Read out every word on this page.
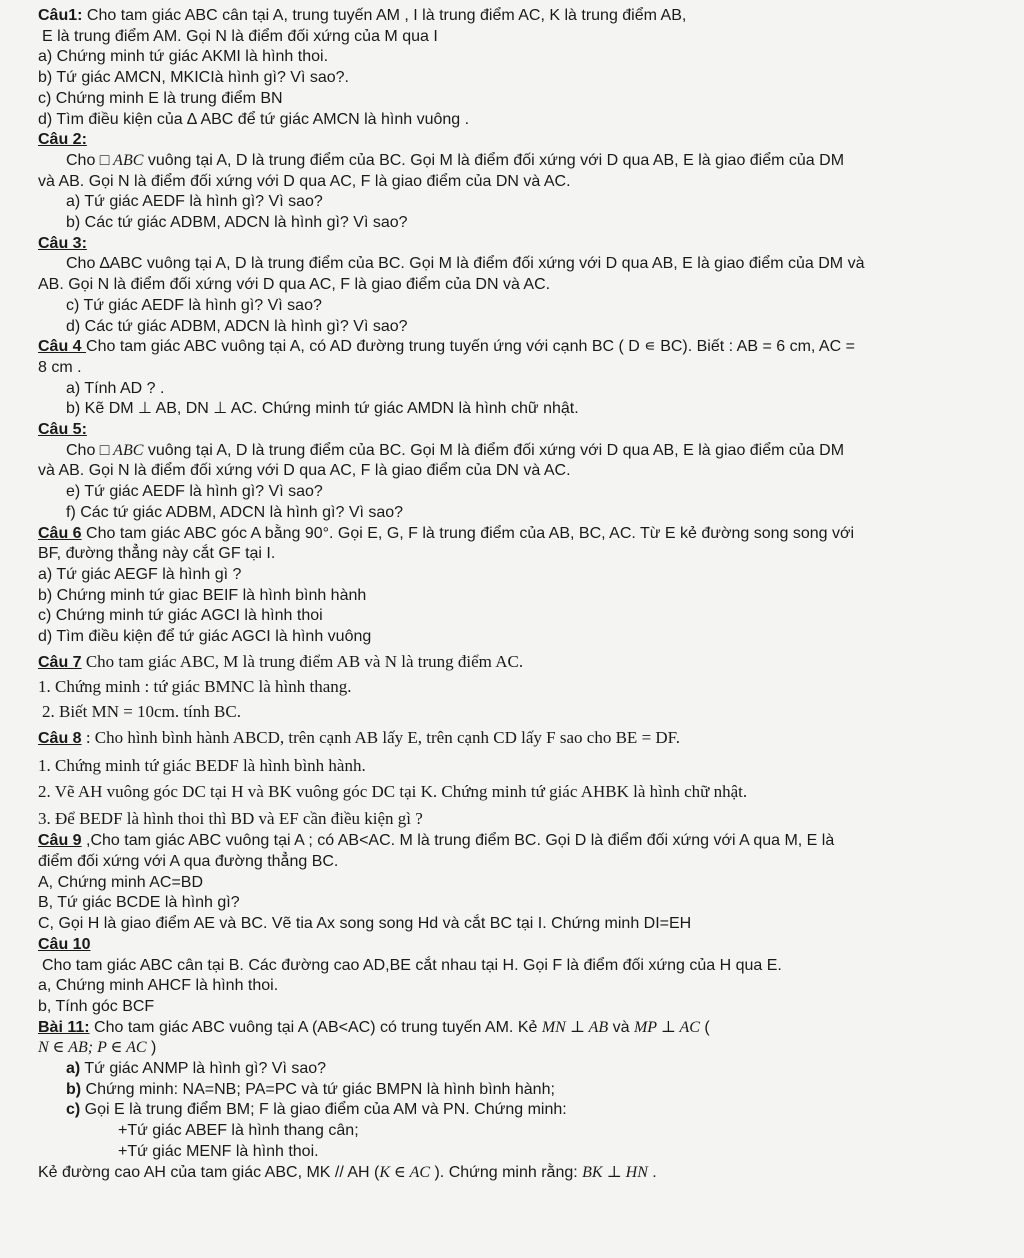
Câu1: Cho tam giác ABC cân tại A, trung tuyến AM , I là trung điểm AC, K là trung điểm AB,
E là trung điểm AM. Gọi N là điểm đối xứng của M qua I
a) Chứng minh tứ giác AKMI là hình thoi.
b) Tứ giác AMCN, MKICIà hình gì? Vì sao?.
c) Chứng minh E là trung điểm BN
d) Tìm điều kiện của ∆ ABC để tứ giác AMCN là hình vuông .
Câu 2:
Cho □ ABC vuông tại A, D là trung điểm của BC. Gọi M là điểm đối xứng với D qua AB, E là giao điểm của DM
và AB. Gọi N là điểm đối xứng với D qua AC, F là giao điểm của DN và AC.
a) Tứ giác AEDF là hình gì? Vì sao?
b) Các tứ giác ADBM, ADCN là hình gì? Vì sao?
Câu 3:
Cho ∆ABC vuông tại A, D là trung điểm của BC. Gọi M là điểm đối xứng với D qua AB, E là giao điểm của DM và
AB. Gọi N là điểm đối xứng với D qua AC, F là giao điểm của DN và AC.
c) Tứ giác AEDF là hình gì? Vì sao?
d) Các tứ giác ADBM, ADCN là hình gì? Vì sao?
Câu 4 Cho tam giác ABC vuông tại A, có AD đường trung tuyến ứng với cạnh BC ( D ∊ BC). Biết : AB = 6 cm, AC =
8 cm .
a) Tính AD ? .
b) Kẽ DM ⊥ AB, DN ⊥ AC. Chứng minh tứ giác AMDN là hình chữ nhật.
Câu 5:
Cho □ ABC vuông tại A, D là trung điểm của BC. Gọi M là điểm đối xứng với D qua AB, E là giao điểm của DM
và AB. Gọi N là điểm đối xứng với D qua AC, F là giao điểm của DN và AC.
e) Tứ giác AEDF là hình gì? Vì sao?
f) Các tứ giác ADBM, ADCN là hình gì? Vì sao?
Câu 6 Cho tam giác ABC góc A bằng 90°. Gọi E, G, F là trung điểm của AB, BC, AC. Từ E kẻ đường song song với
BF, đường thẳng này cắt GF tại I.
a) Tứ giác AEGF là hình gì ?
b) Chứng minh tứ giac BEIF là hình bình hành
c) Chứng minh tứ giác AGCI là hình thoi
d) Tìm điều kiện để tứ giác AGCI là hình vuông
Câu 7 Cho tam giác ABC, M là trung điểm AB và N là trung điểm AC.
1. Chứng minh : tứ giác BMNC là hình thang.
2. Biết MN = 10cm. tính BC.
Câu 8 : Cho hình bình hành ABCD, trên cạnh AB lấy E, trên cạnh CD lấy F sao cho BE = DF.
1. Chứng minh tứ giác BEDF là hình bình hành.
2. Vẽ AH vuông góc DC tại H và BK vuông góc DC tại K. Chứng minh tứ giác AHBK là hình chữ nhật.
3. Để BEDF là hình thoi thì BD và EF cần điều kiện gì ?
Câu 9 ,Cho tam giác ABC vuông tại A ; có AB<AC. M là trung điểm BC. Gọi D là điểm đối xứng với A qua M, E là
điểm đối xứng với A qua đường thẳng BC.
A, Chứng minh AC=BD
B, Tứ giác BCDE là hình gì?
C, Gọi H là giao điểm AE và BC. Vẽ tia Ax song song Hd và cắt BC tại I. Chứng minh DI=EH
Câu 10
Cho tam giác ABC cân tại B. Các đường cao AD,BE cắt nhau tại H. Gọi F là điểm đối xứng của H qua E.
a, Chứng minh AHCF là hình thoi.
b, Tính góc BCF
Bài 11: Cho tam giác ABC vuông tại A (AB<AC) có trung tuyến AM. Kẻ MN ⊥ AB và MP ⊥ AC (
N ∈ AB; P ∈ AC )
a) Tứ giác ANMP là hình gì? Vì sao?
b) Chứng minh: NA=NB; PA=PC và tứ giác BMPN là hình bình hành;
c) Gọi E là trung điểm BM; F là giao điểm của AM và PN. Chứng minh:
+Tứ giác ABEF là hình thang cân;
+Tứ giác MENF là hình thoi.
Kẻ đường cao AH của tam giác ABC, MK // AH (K ∈ AC ). Chứng minh rằng: BK ⊥ HN .
